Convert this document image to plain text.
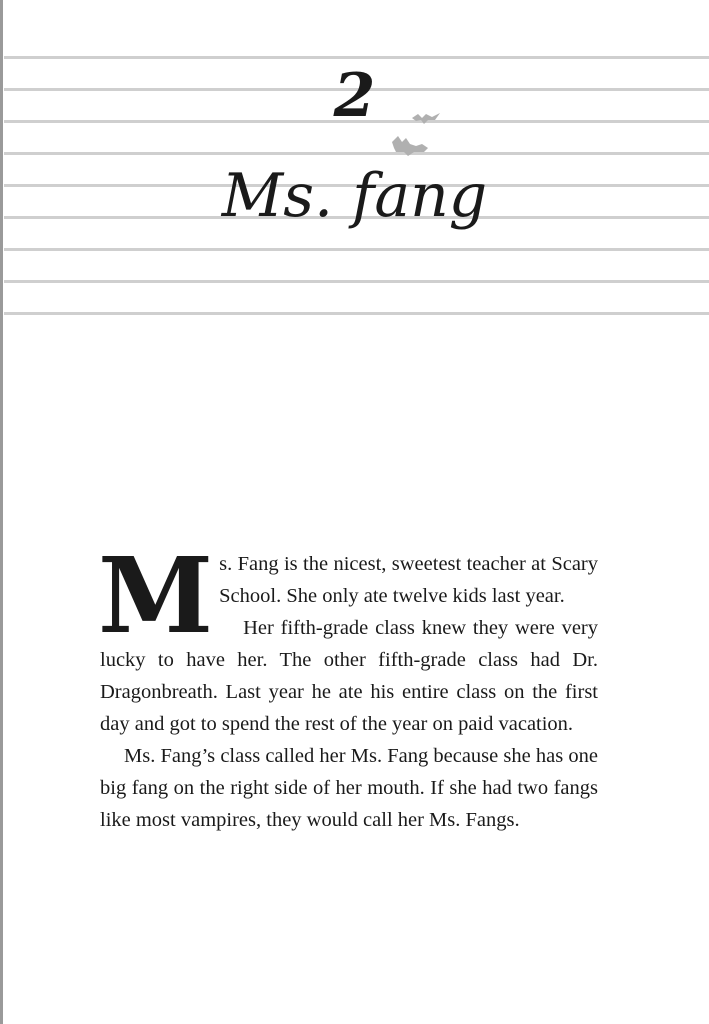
2
Ms. fang

Ms. Fang is the nicest, sweetest teacher at Scary School. She only ate twelve kids last year.

Her fifth-grade class knew they were very lucky to have her. The other fifth-grade class had Dr. Dragonbreath. Last year he ate his entire class on the first day and got to spend the rest of the year on paid vacation.

Ms. Fang’s class called her Ms. Fang because she has one big fang on the right side of her mouth. If she had two fangs like most vampires, they would call her Ms. Fangs.
